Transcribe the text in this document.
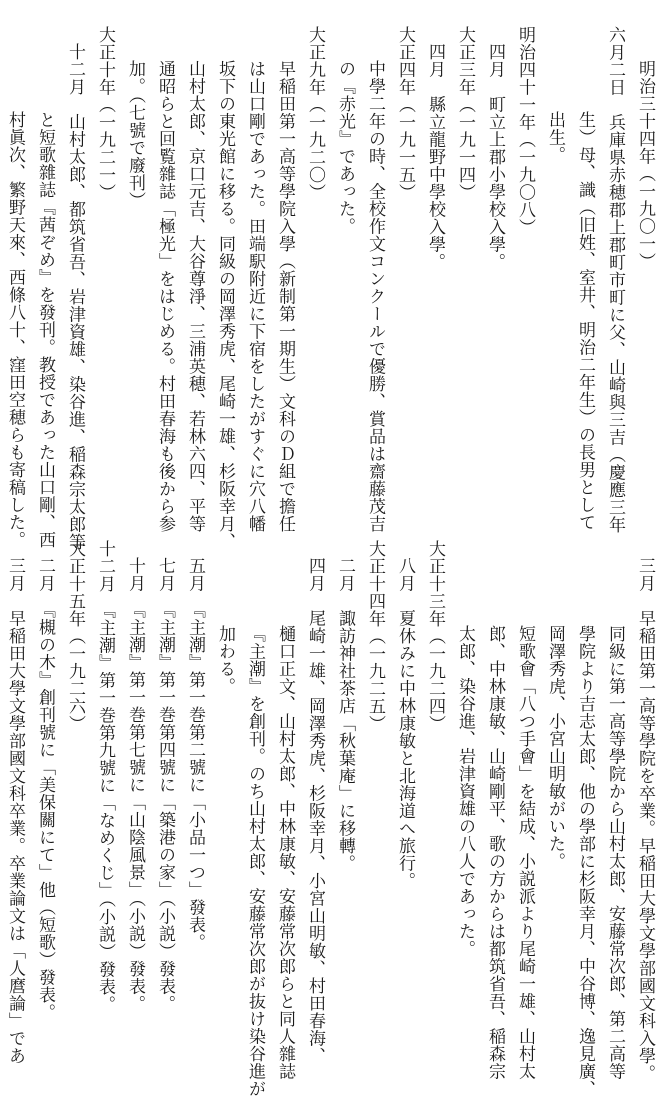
明治三十四年（一九〇一）
六月二日　兵庫県赤穂郡上郡町市町に父、山崎與三吉（慶應三年
生）母、識（旧姓、室井、明治二年生）の長男として
出生。
明治四十一年（一九〇八）
四月　町立上郡小學校入學。
大正三年（一九一四）
四月　縣立龍野中學校入學。
大正四年（一九一五）
中學二年の時、全校作文コンクールで優勝、賞品は齋藤茂吉
の『赤光』であった。
大正九年（一九二〇）
早稲田第一高等學院入學（新制第一期生）文科のＤ組で擔任
は山口剛であった。田端駅附近に下宿をしたがすぐに穴八幡
坂下の東光館に移る。同級の岡澤秀虎、尾崎一雄、杉阪幸月、
山村太郎、京口元吉、大谷尊淨、三浦英穂、若林六四、平等
通昭らと回覧雜誌「極光」をはじめる。村田春海も後から参
加。（七號で廢刊）
大正十年（一九二一）
十二月　山村太郎、都筑省吾、岩津資雄、染谷進、稲森宗太郎等
と短歌雜誌『茜ぞめ』を發刊。教授であった山口剛、西
村眞次、繁野天來、西條八十、窪田空穂らも寄稿した。
三月　早稲田第一高等學院を卒業。早稲田大學文學部國文科入學。
同級に第一高等學院から山村太郎、安藤常次郎、第二高等
學院より吉志太郎、他の學部に杉阪幸月、中谷博、逸見廣、
岡澤秀虎、小宮山明敏がいた。
短歌會「八つ手會」を結成、小説派より尾崎一雄、山村太
郎、中林康敏、山崎剛平、歌の方からは都筑省吾、稲森宗
太郎、染谷進、岩津資雄の八人であった。
大正十三年（一九二四）
八月　夏休みに中林康敏と北海道へ旅行。
大正十四年（一九二五）
二月　諏訪神社茶店「秋葉庵」に移轉。
四月　尾崎一雄、岡澤秀虎、杉阪幸月、小宮山明敏、村田春海、
樋口正文、山村太郎、中林康敏、安藤常次郎らと同人雜誌
『主潮』を創刊。のち山村太郎、安藤常次郎が抜け染谷進が
加わる。
五月　『主潮』第一巻第二號に「小品一つ」發表。
七月　『主潮』第一巻第四號に「築港の家」（小説）發表。
十月　『主潮』第一巻第七號に「山陰風景」（小説）發表。
十二月　『主潮』第一巻第九號に「なめくじ」（小説）發表。
大正十五年（一九二六）
二月　『槻の木』創刊號に「美保關にて」他（短歌）發表。
三月　早稲田大學文學部國文科卒業。卒業論文は「人麿論」であ
